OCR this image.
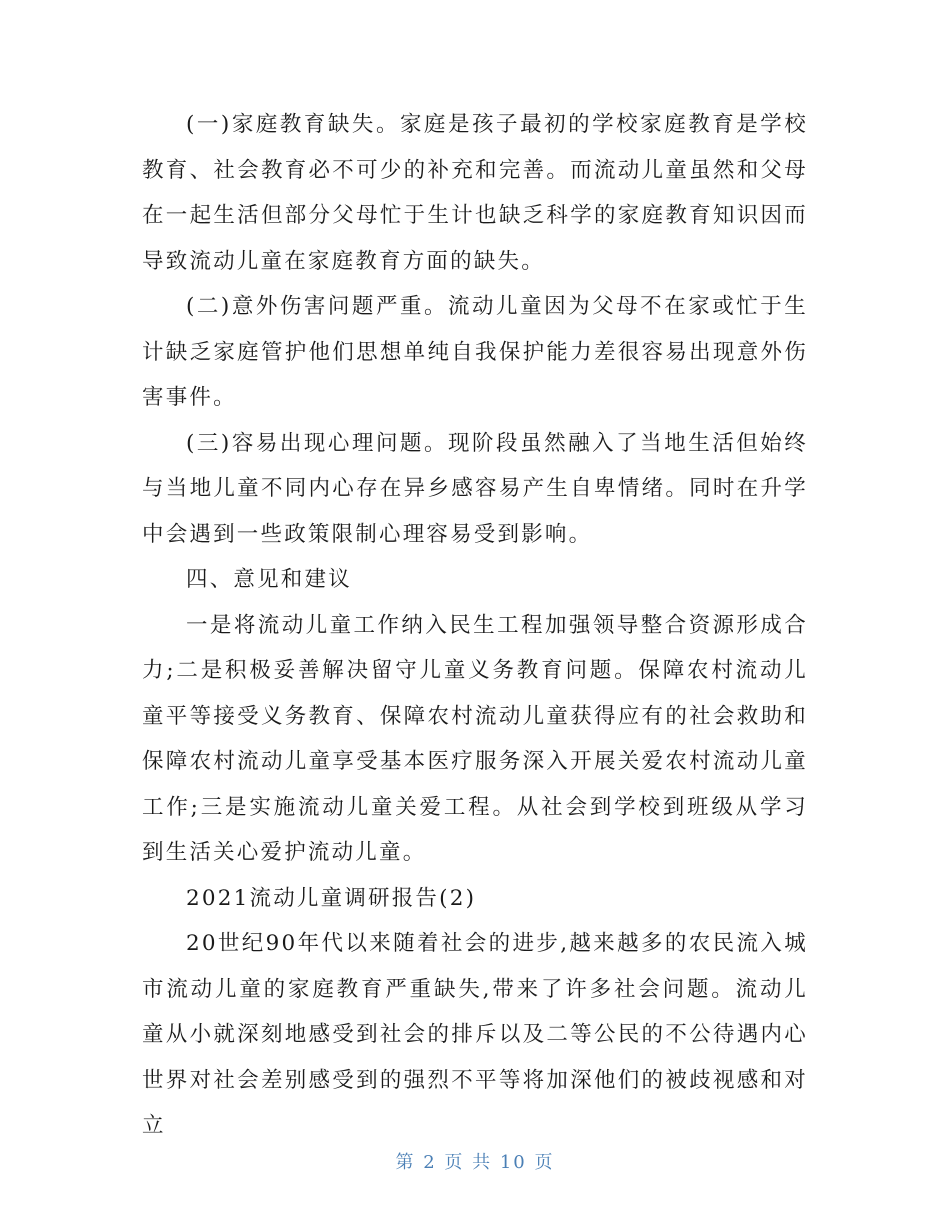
(一)家庭教育缺失。家庭是孩子最初的学校家庭教育是学校教育、社会教育必不可少的补充和完善。而流动儿童虽然和父母在一起生活但部分父母忙于生计也缺乏科学的家庭教育知识因而导致流动儿童在家庭教育方面的缺失。

(二)意外伤害问题严重。流动儿童因为父母不在家或忙于生计缺乏家庭管护他们思想单纯自我保护能力差很容易出现意外伤害事件。

(三)容易出现心理问题。现阶段虽然融入了当地生活但始终与当地儿童不同内心存在异乡感容易产生自卑情绪。同时在升学中会遇到一些政策限制心理容易受到影响。

四、意见和建议

一是将流动儿童工作纳入民生工程加强领导整合资源形成合力;二是积极妥善解决留守儿童义务教育问题。保障农村流动儿童平等接受义务教育、保障农村流动儿童获得应有的社会救助和保障农村流动儿童享受基本医疗服务深入开展关爱农村流动儿童工作;三是实施流动儿童关爱工程。从社会到学校到班级从学习到生活关心爱护流动儿童。

2021流动儿童调研报告(2)

20世纪90年代以来随着社会的进步,越来越多的农民流入城市流动儿童的家庭教育严重缺失,带来了许多社会问题。流动儿童从小就深刻地感受到社会的排斥以及二等公民的不公待遇内心世界对社会差别感受到的强烈不平等将加深他们的被歧视感和对立

第 2 页 共 10 页
